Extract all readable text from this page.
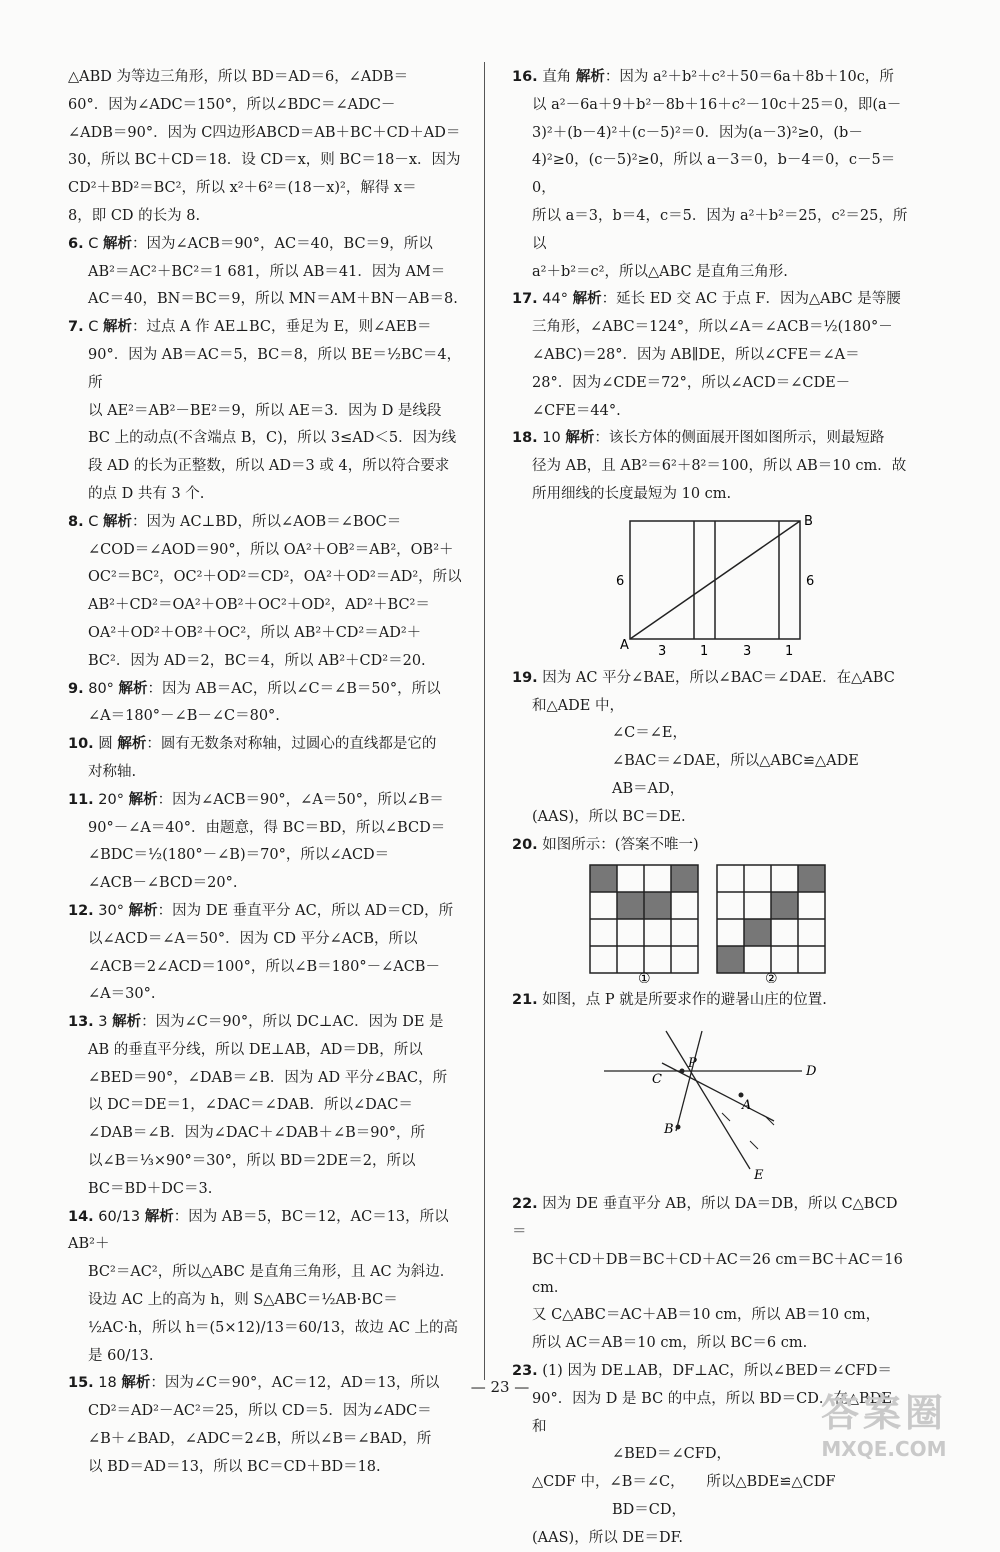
△ABD 为等边三角形，所以 BD＝AD＝6，∠ADB＝
60°．因为∠ADC＝150°，所以∠BDC＝∠ADC－
∠ADB＝90°．因为 C四边形ABCD＝AB＋BC＋CD＋AD＝
30，所以 BC＋CD＝18．设 CD＝x，则 BC＝18－x．因为
CD²＋BD²＝BC²，所以 x²＋6²＝(18－x)²，解得 x＝
8，即 CD 的长为 8.
6. C 解析：因为∠ACB＝90°，AC＝40，BC＝9，所以
AB²＝AC²＋BC²＝1 681，所以 AB＝41．因为 AM＝
AC＝40，BN＝BC＝9，所以 MN＝AM＋BN－AB＝8.
7. C 解析：过点 A 作 AE⊥BC，垂足为 E，则∠AEB＝
90°．因为 AB＝AC＝5，BC＝8，所以 BE＝½BC＝4，所
以 AE²＝AB²－BE²＝9，所以 AE＝3．因为 D 是线段
BC 上的动点(不含端点 B，C)，所以 3≤AD＜5．因为线
段 AD 的长为正整数，所以 AD＝3 或 4，所以符合要求
的点 D 共有 3 个.
8. C 解析：因为 AC⊥BD，所以∠AOB＝∠BOC＝
∠COD＝∠AOD＝90°，所以 OA²＋OB²＝AB²，OB²＋
OC²＝BC²，OC²＋OD²＝CD²，OA²＋OD²＝AD²，所以
AB²＋CD²＝OA²＋OB²＋OC²＋OD²，AD²＋BC²＝
OA²＋OD²＋OB²＋OC²，所以 AB²＋CD²＝AD²＋
BC²．因为 AD＝2，BC＝4，所以 AB²＋CD²＝20.
9. 80° 解析：因为 AB＝AC，所以∠C＝∠B＝50°，所以
∠A＝180°－∠B－∠C＝80°.
10. 圆 解析：圆有无数条对称轴，过圆心的直线都是它的
对称轴.
11. 20° 解析：因为∠ACB＝90°，∠A＝50°，所以∠B＝
90°－∠A＝40°．由题意，得 BC＝BD，所以∠BCD＝
∠BDC＝½(180°－∠B)＝70°，所以∠ACD＝
∠ACB－∠BCD＝20°.
12. 30° 解析：因为 DE 垂直平分 AC，所以 AD＝CD，所
以∠ACD＝∠A＝50°．因为 CD 平分∠ACB，所以
∠ACB＝2∠ACD＝100°，所以∠B＝180°－∠ACB－
∠A＝30°.
13. 3 解析：因为∠C＝90°，所以 DC⊥AC．因为 DE 是
AB 的垂直平分线，所以 DE⊥AB，AD＝DB，所以
∠BED＝90°，∠DAB＝∠B．因为 AD 平分∠BAC，所
以 DC＝DE＝1，∠DAC＝∠DAB．所以∠DAC＝
∠DAB＝∠B．因为∠DAC＋∠DAB＋∠B＝90°，所
以∠B＝⅓×90°＝30°，所以 BD＝2DE＝2，所以
BC＝BD＋DC＝3.
14. 60/13 解析：因为 AB＝5，BC＝12，AC＝13，所以 AB²＋
BC²＝AC²，所以△ABC 是直角三角形，且 AC 为斜边．
设边 AC 上的高为 h，则 S△ABC＝½AB·BC＝
½AC·h，所以 h＝(5×12)/13＝60/13，故边 AC 上的高是 60/13.
15. 18 解析：因为∠C＝90°，AC＝12，AD＝13，所以
CD²＝AD²－AC²＝25，所以 CD＝5．因为∠ADC＝
∠B＋∠BAD，∠ADC＝2∠B，所以∠B＝∠BAD，所
以 BD＝AD＝13，所以 BC＝CD＋BD＝18.
16. 直角 解析：因为 a²＋b²＋c²＋50＝6a＋8b＋10c，所
以 a²－6a＋9＋b²－8b＋16＋c²－10c＋25＝0，即(a－
3)²＋(b－4)²＋(c－5)²＝0．因为(a－3)²≥0，(b－
4)²≥0，(c－5)²≥0，所以 a－3＝0，b－4＝0，c－5＝0，
所以 a＝3，b＝4，c＝5．因为 a²＋b²＝25，c²＝25，所以
a²＋b²＝c²，所以△ABC 是直角三角形.
17. 44° 解析：延长 ED 交 AC 于点 F．因为△ABC 是等腰
三角形，∠ABC＝124°，所以∠A＝∠ACB＝½(180°－
∠ABC)＝28°．因为 AB∥DE，所以∠CFE＝∠A＝
28°．因为∠CDE＝72°，所以∠ACD＝∠CDE－
∠CFE＝44°.
18. 10 解析：该长方体的侧面展开图如图所示，则最短路
径为 AB，且 AB²＝6²＋8²＝100，所以 AB＝10 cm．故
所用细线的长度最短为 10 cm.
A
B
6	6
3	1	3	1
19. 因为 AC 平分∠BAE，所以∠BAC＝∠DAE．在△ABC
和△ADE 中，
∠C＝∠E，
∠BAC＝∠DAE，所以△ABC≌△ADE
AB＝AD，
(AAS)，所以 BC＝DE.
20. 如图所示：(答案不唯一)
①	②
21. 如图，点 P 就是所要求作的避暑山庄的位置.
C
P
D
A
B
E
22. 因为 DE 垂直平分 AB，所以 DA＝DB，所以 C△BCD＝
BC＋CD＋DB＝BC＋CD＋AC＝26 cm＝BC＋AC＝16 cm．
又 C△ABC＝AC＋AB＝10 cm，所以 AB＝10 cm，
所以 AC＝AB＝10 cm，所以 BC＝6 cm.
23. (1) 因为 DE⊥AB，DF⊥AC，所以∠BED＝∠CFD＝
90°．因为 D 是 BC 的中点，所以 BD＝CD．在△BDE 和
∠BED＝∠CFD，
△CDF 中，∠B＝∠C，　　所以△BDE≌△CDF
BD＝CD，
(AAS)，所以 DE＝DF.
— 23 —
答案圈
MXQE.COM
